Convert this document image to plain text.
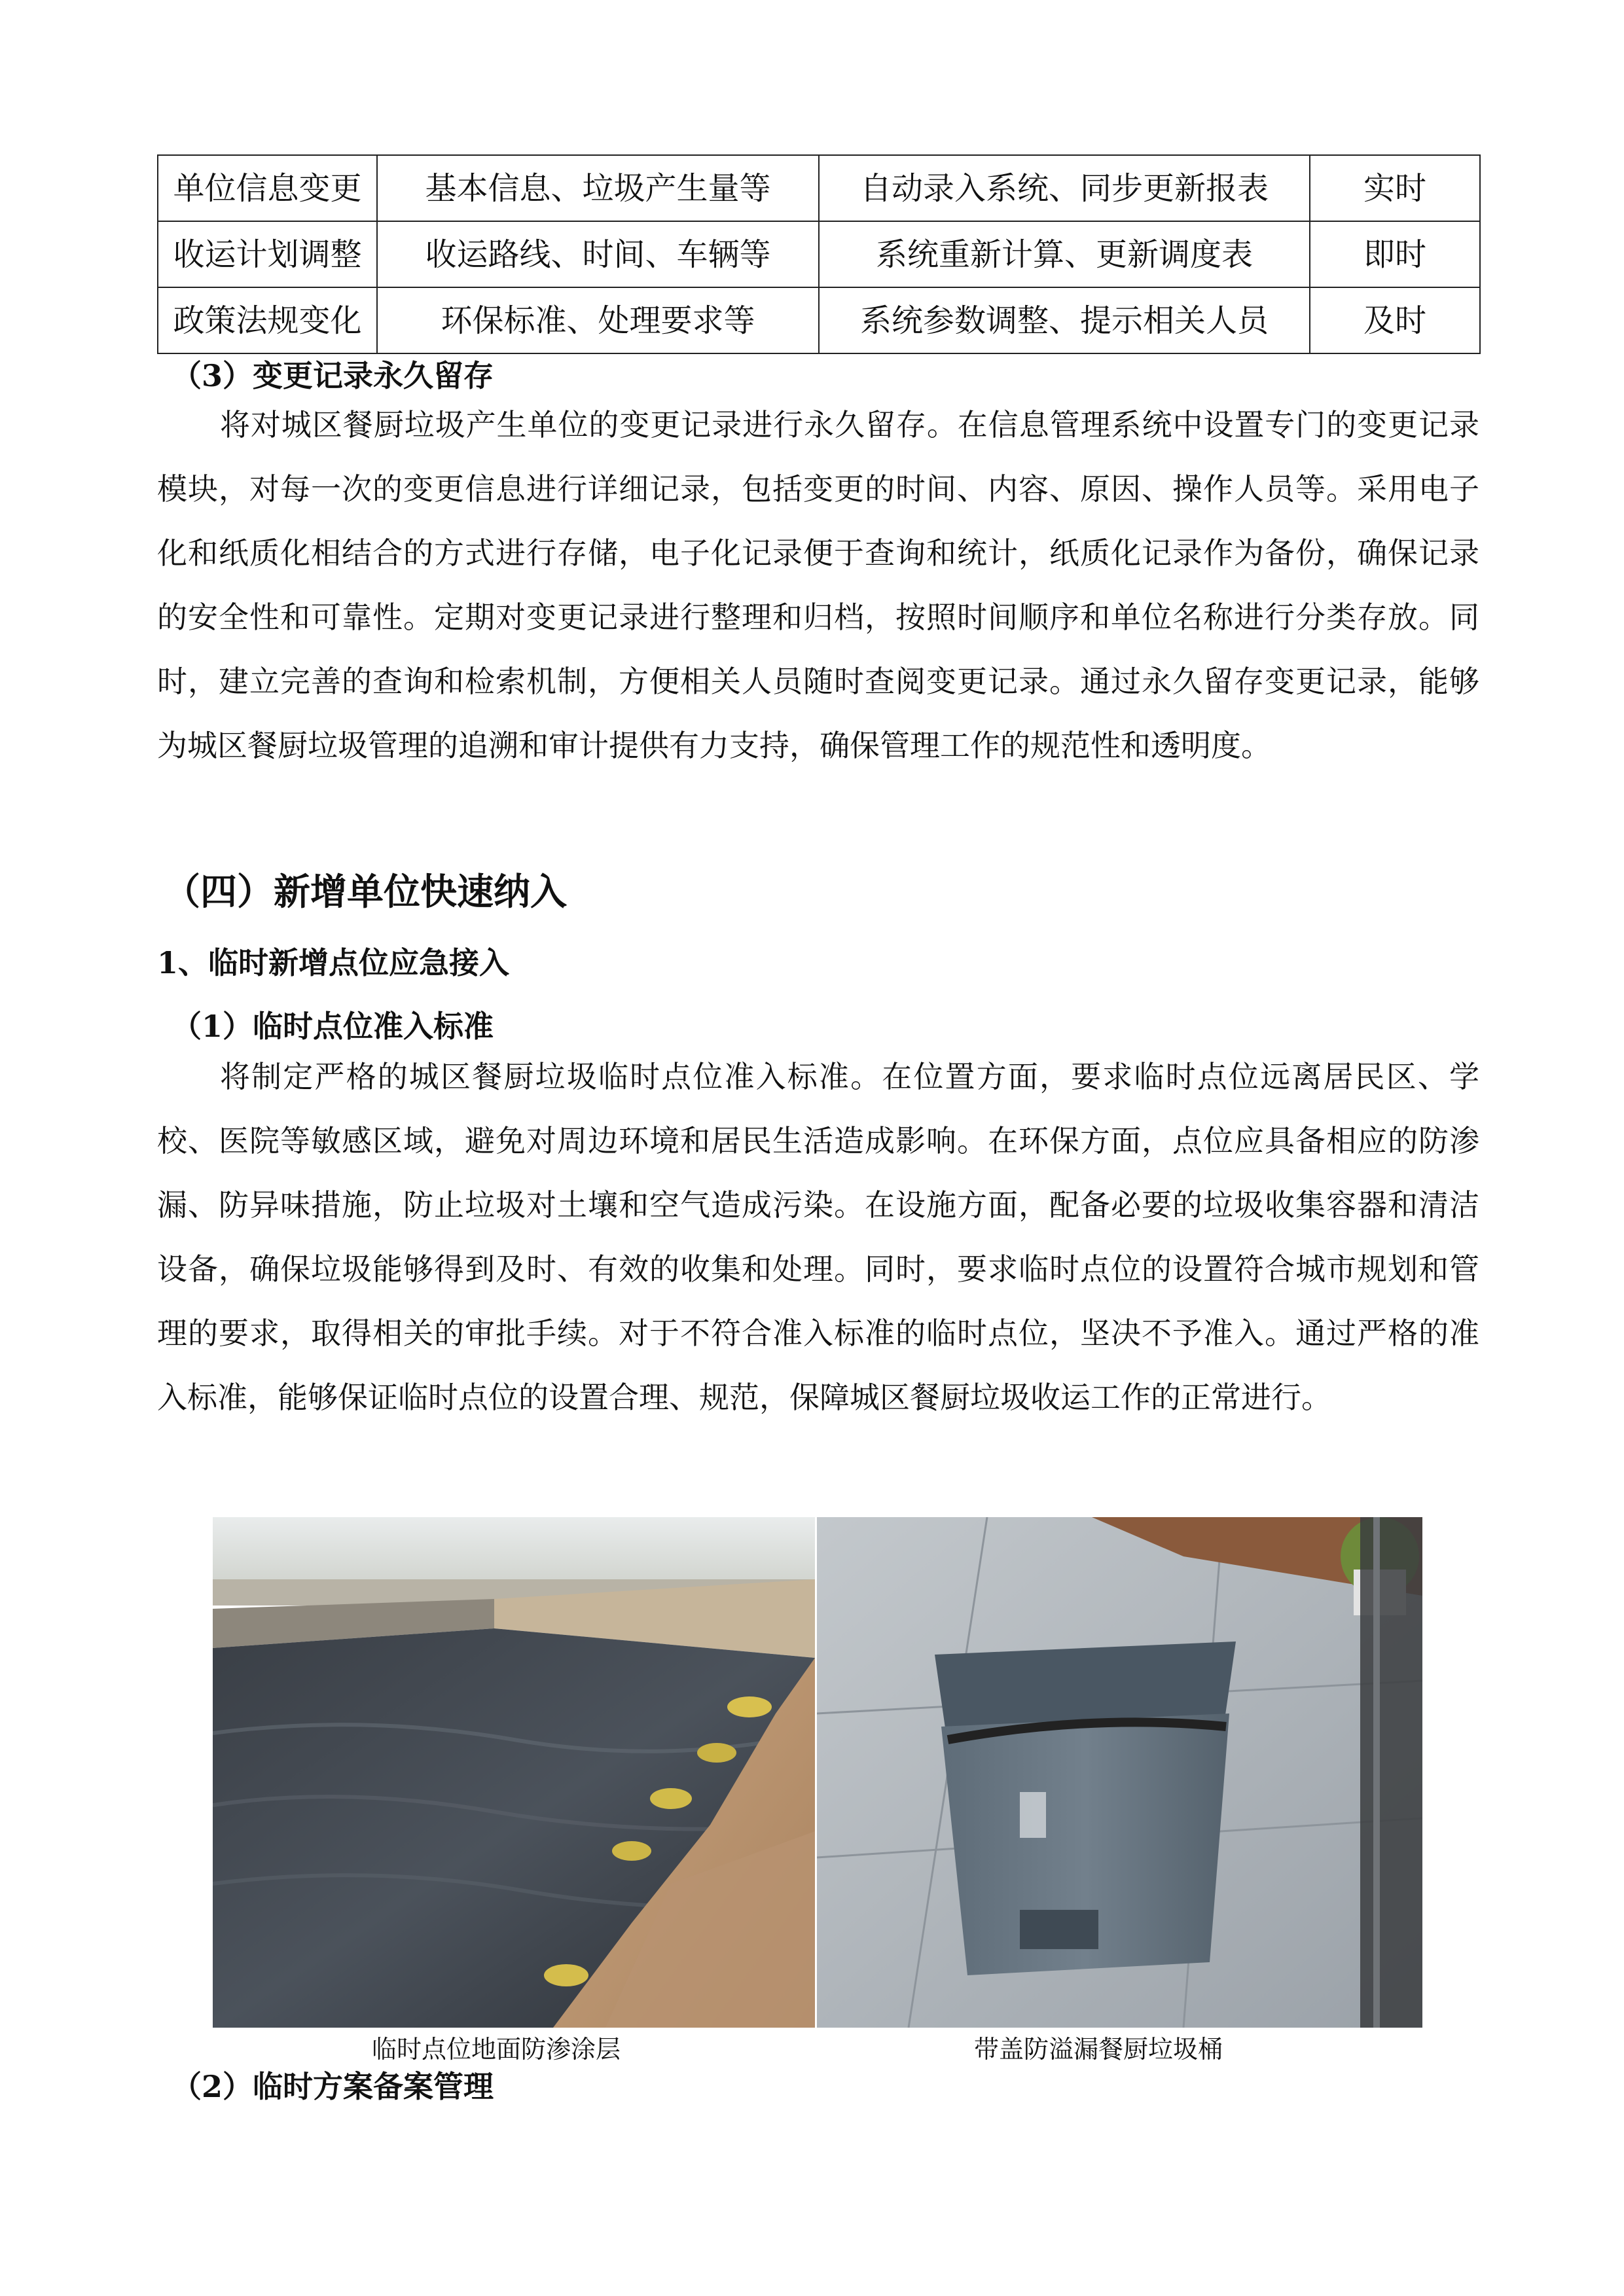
单位信息变更	基本信息、垃圾产生量等	自动录入系统、同步更新报表	实时
收运计划调整	收运路线、时间、车辆等	系统重新计算、更新调度表	即时
政策法规变化	环保标准、处理要求等	系统参数调整、提示相关人员	及时
（3）变更记录永久留存

将对城区餐厨垃圾产生单位的变更记录进行永久留存。在信息管理系统中设置专门的变更记录模块，对每一次的变更信息进行详细记录，包括变更的时间、内容、原因、操作人员等。采用电子化和纸质化相结合的方式进行存储，电子化记录便于查询和统计，纸质化记录作为备份，确保记录的安全性和可靠性。定期对变更记录进行整理和归档，按照时间顺序和单位名称进行分类存放。同时，建立完善的查询和检索机制，方便相关人员随时查阅变更记录。通过永久留存变更记录，能够为城区餐厨垃圾管理的追溯和审计提供有力支持，确保管理工作的规范性和透明度。

（四）新增单位快速纳入
1、临时新增点位应急接入
（1）临时点位准入标准

将制定严格的城区餐厨垃圾临时点位准入标准。在位置方面，要求临时点位远离居民区、学校、医院等敏感区域，避免对周边环境和居民生活造成影响。在环保方面，点位应具备相应的防渗漏、防异味措施，防止垃圾对土壤和空气造成污染。在设施方面，配备必要的垃圾收集容器和清洁设备，确保垃圾能够得到及时、有效的收集和处理。同时，要求临时点位的设置符合城市规划和管理的要求，取得相关的审批手续。对于不符合准入标准的临时点位，坚决不予准入。通过严格的准入标准，能够保证临时点位的设置合理、规范，保障城区餐厨垃圾收运工作的正常进行。

临时点位地面防渗涂层	带盖防溢漏餐厨垃圾桶
（2）临时方案备案管理
